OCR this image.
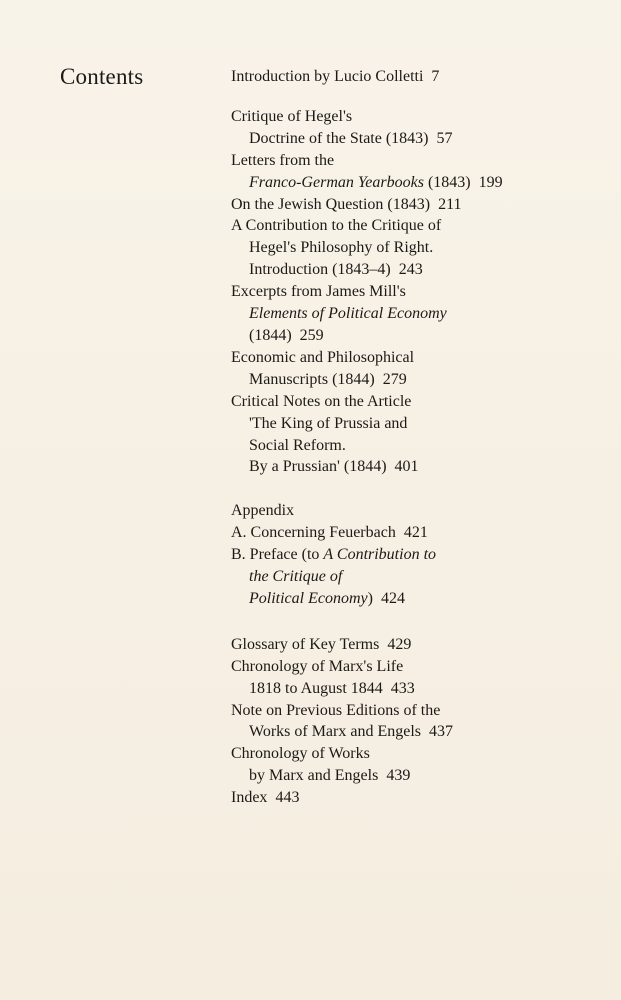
Contents	Introduction by Lucio Colletti 7
Critique of Hegel's
Doctrine of the State (1843) 57
Letters from the
Franco-German Yearbooks (1843) 199
On the Jewish Question (1843) 211
A Contribution to the Critique of
Hegel's Philosophy of Right.
Introduction (1843–4) 243
Excerpts from James Mill's
Elements of Political Economy
(1844) 259
Economic and Philosophical
Manuscripts (1844) 279
Critical Notes on the Article
'The King of Prussia and
Social Reform.
By a Prussian' (1844) 401
Appendix
A. Concerning Feuerbach 421
B. Preface (to A Contribution to
the Critique of
Political Economy) 424
Glossary of Key Terms 429
Chronology of Marx's Life
1818 to August 1844 433
Note on Previous Editions of the
Works of Marx and Engels 437
Chronology of Works
by Marx and Engels 439
Index 443
